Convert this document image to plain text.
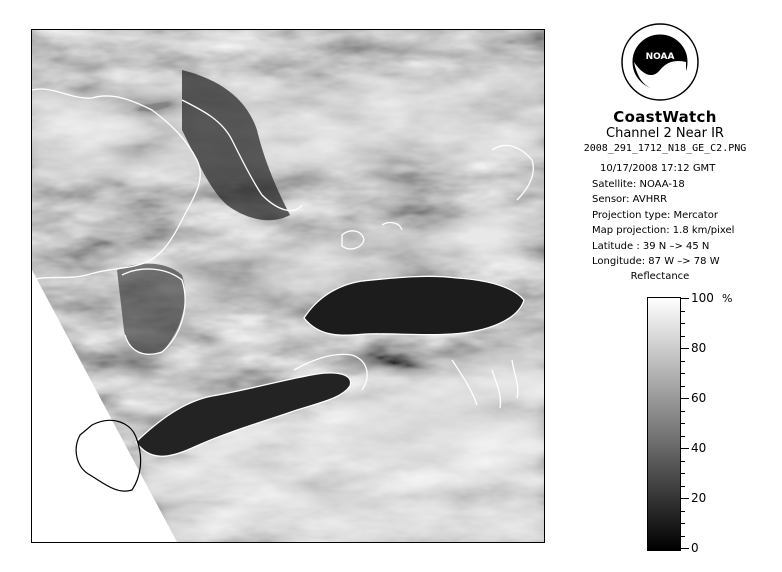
NOAA
CoastWatch
Channel 2 Near IR
2008_291_1712_N18_GE_C2.PNG
10/17/2008 17:12 GMT
Satellite: NOAA-18
Sensor: AVHRR
Projection type: Mercator
Map projection: 1.8 km/pixel
Latitude : 39 N –> 45 N
Longitude: 87 W –> 78 W
Reflectance
%
100
80
60
40
20
0
